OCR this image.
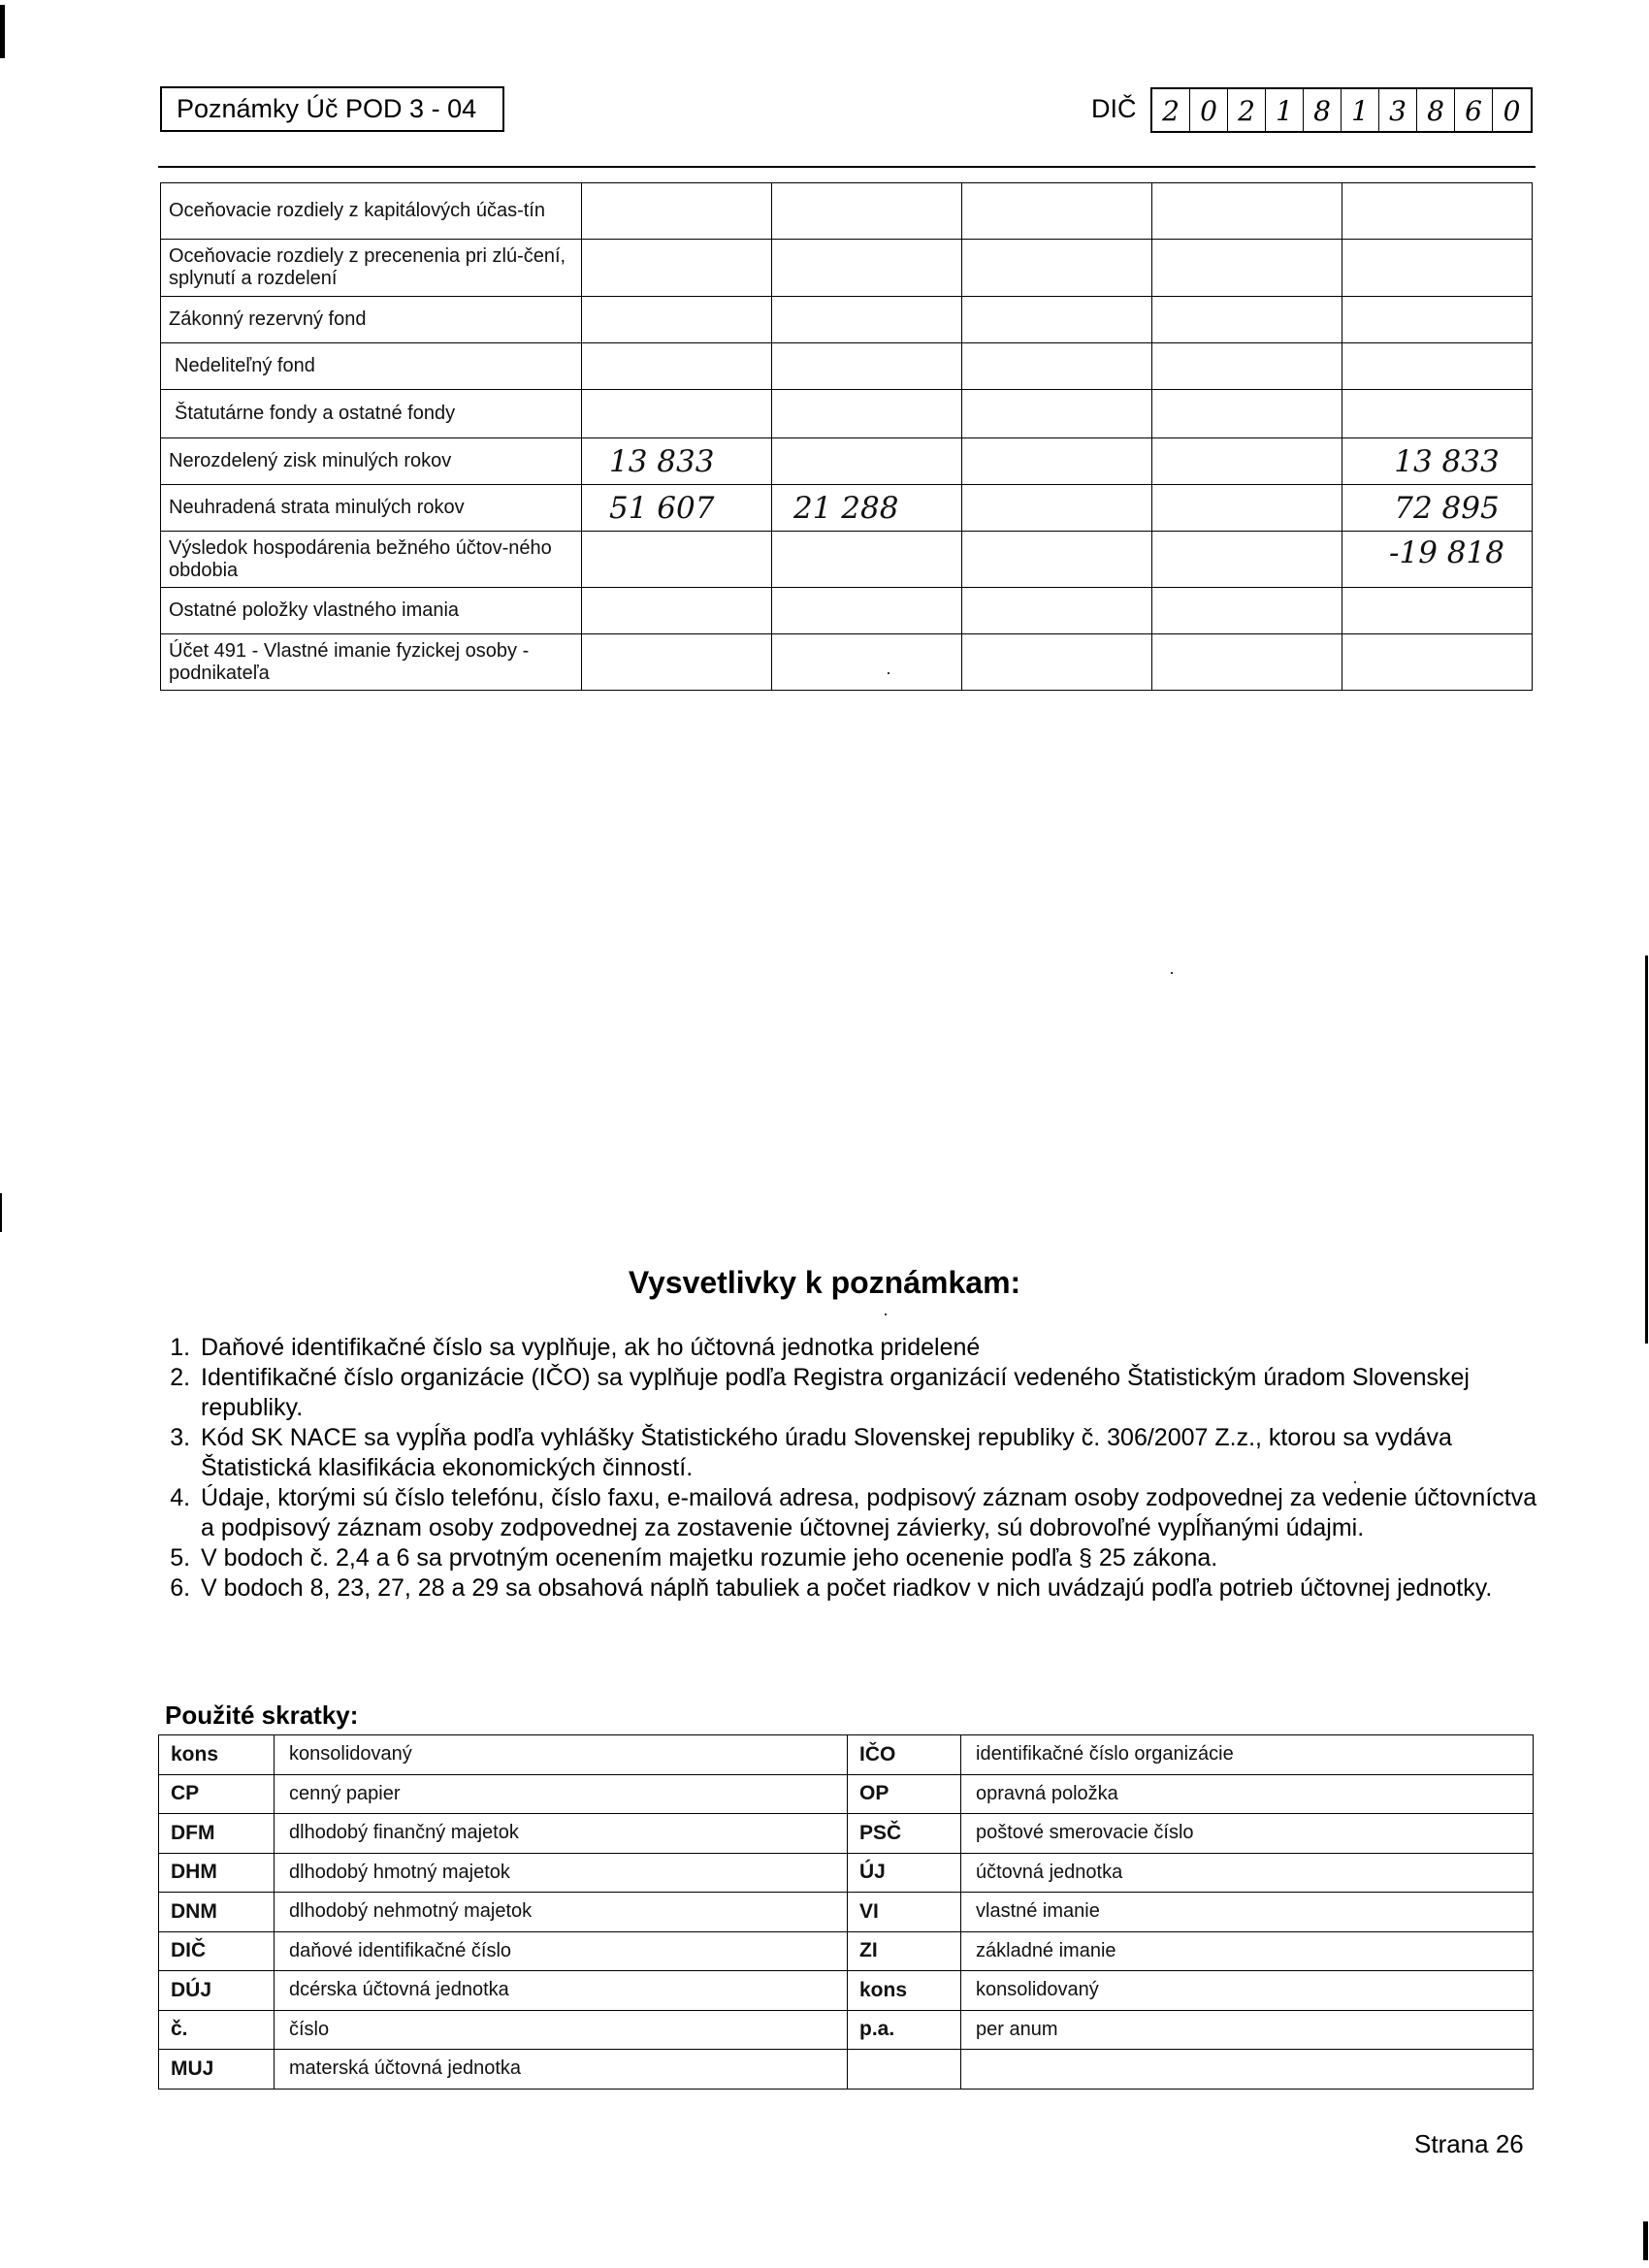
Poznámky Úč POD 3 - 04	DIČ 2 0 2 1 8 1 3 8 6 0
Oceňovacie rozdiely z kapitálových účas-tín					
Oceňovacie rozdiely z precenenia pri zlú-čení, splynutí a rozdelení					
Zákonný rezervný fond					
Nedeliteľný fond					
Štatutárne fondy a ostatné fondy					
Nerozdelený zisk minulých rokov	13 833				13 833
Neuhradená strata minulých rokov	51 607	21 288			72 895
Výsledok hospodárenia bežného účtov-ného obdobia					-19 818
Ostatné položky vlastného imania					
Účet 491 - Vlastné imanie fyzickej osoby - podnikateľa					
Vysvetlivky k poznámkam:
1. Daňové identifikačné číslo sa vyplňuje, ak ho účtovná jednotka pridelené
2. Identifikačné číslo organizácie (IČO) sa vyplňuje podľa Registra organizácií vedeného Štatistickým úradom Slovenskej republiky.
3. Kód SK NACE sa vypĺňa podľa vyhlášky Štatistického úradu Slovenskej republiky č. 306/2007 Z.z., ktorou sa vydáva Štatistická klasifikácia ekonomických činností.
4. Údaje, ktorými sú číslo telefónu, číslo faxu, e-mailová adresa, podpisový záznam osoby zodpovednej za vedenie účtovníctva a podpisový záznam osoby zodpovednej za zostavenie účtovnej závierky, sú dobrovoľné vypĺňanými údajmi.
5. V bodoch č. 2,4 a 6 sa prvotným ocenením majetku rozumie jeho ocenenie podľa § 25 zákona.
6. V bodoch 8, 23, 27, 28 a 29 sa obsahová náplň tabuliek a počet riadkov v nich uvádzajú podľa potrieb účtovnej jednotky.
Použité skratky:
kons	konsolidovaný	IČO	identifikačné číslo organizácie
CP	cenný papier	OP	opravná položka
DFM	dlhodobý finančný majetok	PSČ	poštové smerovacie číslo
DHM	dlhodobý hmotný majetok	ÚJ	účtovná jednotka
DNM	dlhodobý nehmotný majetok	VI	vlastné imanie
DIČ	daňové identifikačné číslo	ZI	základné imanie
DÚJ	dcérska účtovná jednotka	kons	konsolidovaný
č.	číslo	p.a.	per anum
MUJ	materská účtovná jednotka		
Strana 26
